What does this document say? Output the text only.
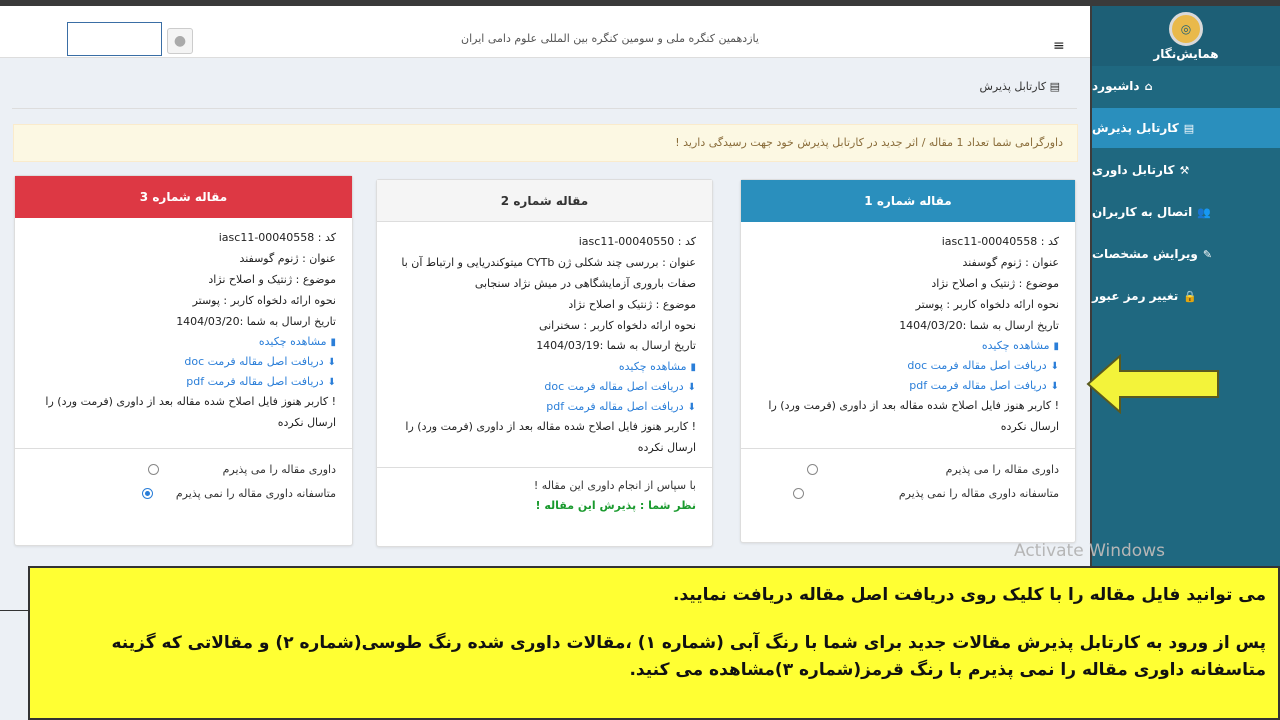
●	یازدهمین کنگره ملی و سومین کنگره بین المللی علوم دامی ایران	≡
◎
همایش‌نگار
⌂
داشبورد
▤
کارتابل پذیرش
⚒
کارتابل داوری
👥
اتصال به کاربران
✎
ویرایش مشخصات
🔒
تغییر رمز عبور
▤ کارتابل پذیرش
داورگرامی شما تعداد 1 مقاله / اثر جدید در کارتابل پذیرش خود جهت رسیدگی دارید !
مقاله شماره 1
کد : iasc11-00040558
عنوان : ژنوم گوسفند
موضوع : ژنتیک و اصلاح نژاد
نحوه ارائه دلخواه کاربر : پوستر
تاریخ ارسال به شما :1404/03/20
▮مشاهده چکیده
⬇دریافت اصل مقاله فرمت doc
⬇دریافت اصل مقاله فرمت pdf
! کاربر هنوز فایل اصلاح شده مقاله بعد از داوری (فرمت ورد) را ارسال نکرده
داوری مقاله را می پذیرم
متاسفانه داوری مقاله را نمی پذیرم
مقاله شماره 2
کد : iasc11-00040550
عنوان : بررسی چند شکلی ژن CYTb میتوکندریایی و ارتباط آن با
صفات باروری آزمایشگاهی در میش نژاد سنجابی
موضوع : ژنتیک و اصلاح نژاد
نحوه ارائه دلخواه کاربر : سخنرانی
تاریخ ارسال به شما :1404/03/19
▮مشاهده چکیده
⬇دریافت اصل مقاله فرمت doc
⬇دریافت اصل مقاله فرمت pdf
! کاربر هنوز فایل اصلاح شده مقاله بعد از داوری (فرمت ورد) را ارسال نکرده
با سپاس از انجام داوری این مقاله !
نظر شما : پذیرش این مقاله !
مقاله شماره 3
کد : iasc11-00040558
عنوان : ژنوم گوسفند
موضوع : ژنتیک و اصلاح نژاد
نحوه ارائه دلخواه کاربر : پوستر
تاریخ ارسال به شما :1404/03/20
▮مشاهده چکیده
⬇دریافت اصل مقاله فرمت doc
⬇دریافت اصل مقاله فرمت pdf
! کاربر هنوز فایل اصلاح شده مقاله بعد از داوری (فرمت ورد) را ارسال نکرده
داوری مقاله را می پذیرم
متاسفانه داوری مقاله را نمی پذیرم
Activate Windows

می توانید فایل مقاله را با کلیک روی دریافت اصل مقاله دریافت نمایید.

پس از ورود به کارتابل پذیرش مقالات جدید برای شما با رنگ آبی (شماره ۱) ،مقالات داوری شده رنگ طوسی(شماره ۲) و مقالاتی که گزینه متاسفانه داوری مقاله را نمی پذیرم با رنگ قرمز(شماره ۳)مشاهده می کنید.
